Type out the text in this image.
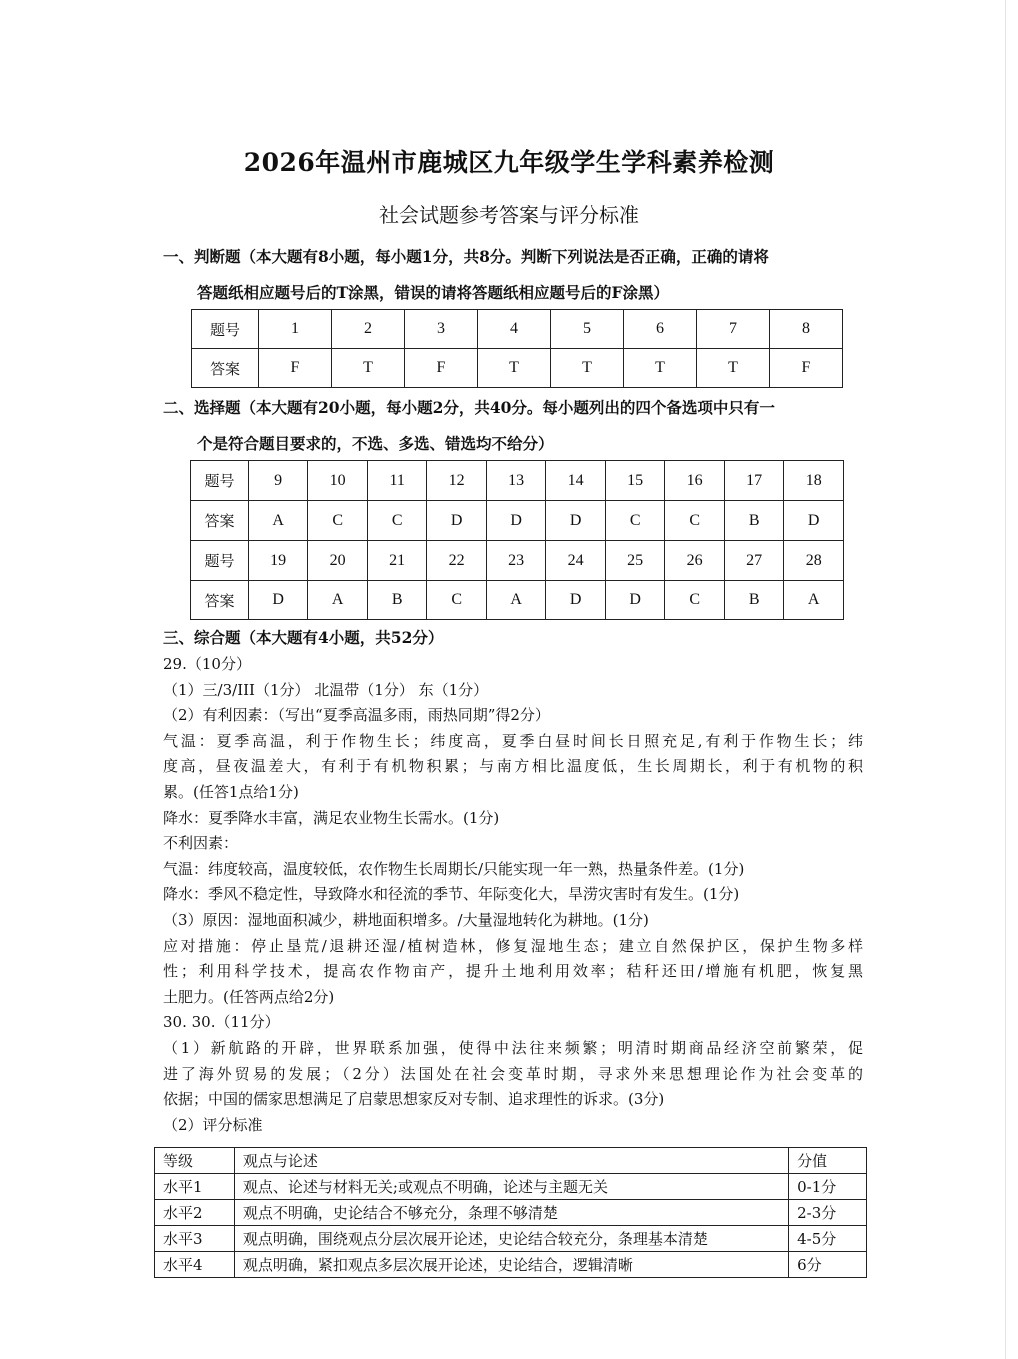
2026年温州市鹿城区九年级学生学科素养检测
社会试题参考答案与评分标准
一、判断题（本大题有8小题，每小题1分，共8分。判断下列说法是否正确，正确的请将
答题纸相应题号后的T涂黑，错误的请将答题纸相应题号后的F涂黑）
题号	1	2	3	4	5	6	7	8
答案	F	T	F	T	T	T	T	F
二、选择题（本大题有20小题，每小题2分，共40分。每小题列出的四个备选项中只有一
个是符合题目要求的，不选、多选、错选均不给分）
题号	9	10	11	12	13	14	15	16	17	18
答案	A	C	C	D	D	D	C	C	B	D
题号	19	20	21	22	23	24	25	26	27	28
答案	D	A	B	C	A	D	D	C	B	A
三、综合题（本大题有4小题，共52分）
29.（10分）
（1）三/3/III（1分） 北温带（1分） 东（1分）
（2）有利因素：（写出“夏季高温多雨，雨热同期”得2分）
气温：夏季高温，利于作物生长；纬度高，夏季白昼时间长日照充足,有利于作物生长；纬
度高，昼夜温差大，有利于有机物积累；与南方相比温度低，生长周期长，利于有机物的积
累。(任答1点给1分)
降水：夏季降水丰富，满足农业物生长需水。(1分)
不利因素：
气温：纬度较高，温度较低，农作物生长周期长/只能实现一年一熟，热量条件差。(1分)
降水：季风不稳定性，导致降水和径流的季节、年际变化大，旱涝灾害时有发生。(1分)
（3）原因：湿地面积减少，耕地面积增多。/大量湿地转化为耕地。(1分)
应对措施：停止垦荒/退耕还湿/植树造林，修复湿地生态；建立自然保护区，保护生物多样
性；利用科学技术，提高农作物亩产，提升土地利用效率；秸秆还田/增施有机肥，恢复黑
土肥力。(任答两点给2分)
30. 30.（11分）
（1）新航路的开辟，世界联系加强，使得中法往来频繁；明清时期商品经济空前繁荣，促
进了海外贸易的发展；（2分）法国处在社会变革时期，寻求外来思想理论作为社会变革的
依据；中国的儒家思想满足了启蒙思想家反对专制、追求理性的诉求。(3分)
（2）评分标准
等级	观点与论述	分值
水平1	观点、论述与材料无关;或观点不明确，论述与主题无关	0-1分
水平2	观点不明确，史论结合不够充分，条理不够清楚	2-3分
水平3	观点明确，围绕观点分层次展开论述，史论结合较充分，条理基本清楚	4-5分
水平4	观点明确，紧扣观点多层次展开论述，史论结合，逻辑清晰	6分
